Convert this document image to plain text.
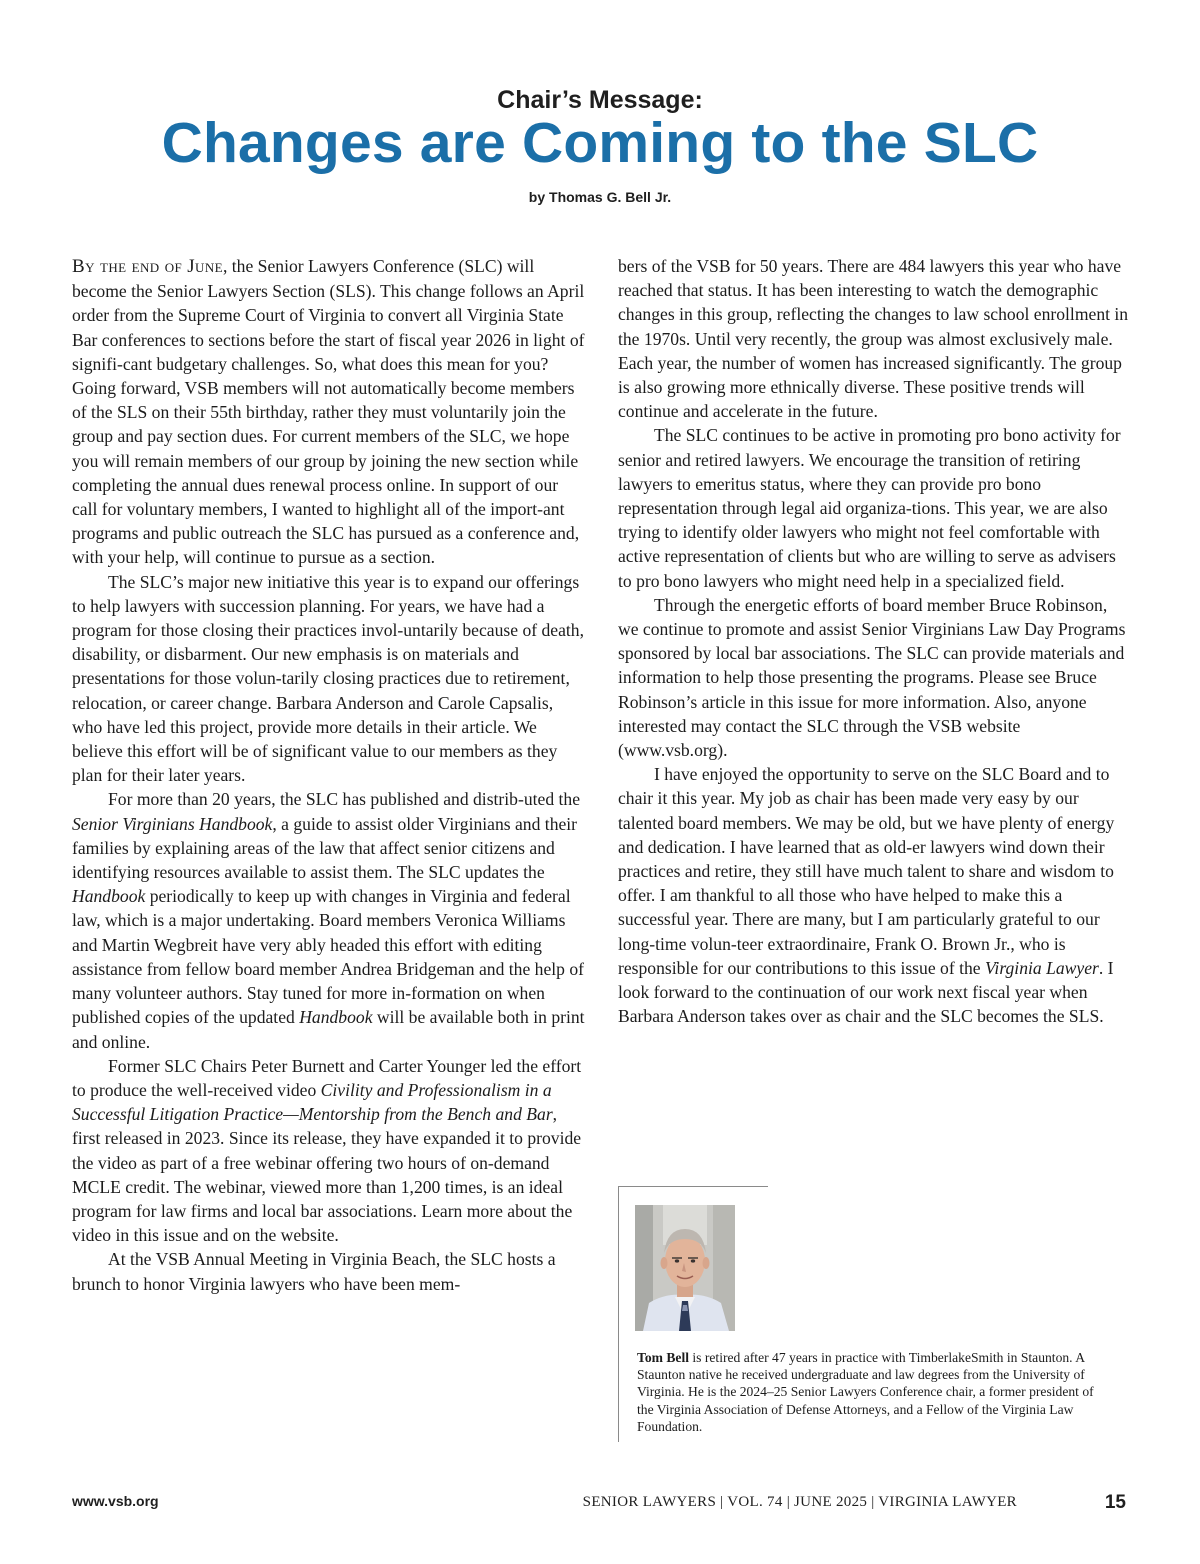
Chair’s Message:
Changes are Coming to the SLC
by Thomas G. Bell Jr.

By the end of June, the Senior Lawyers Conference (SLC) will become the Senior Lawyers Section (SLS). This change follows an April order from the Supreme Court of Virginia to convert all Virginia State Bar conferences to sections before the start of fiscal year 2026 in light of signifi-cant budgetary challenges. So, what does this mean for you? Going forward, VSB members will not automatically become members of the SLS on their 55th birthday, rather they must voluntarily join the group and pay section dues. For current members of the SLC, we hope you will remain members of our group by joining the new section while completing the annual dues renewal process online. In support of our call for voluntary members, I wanted to highlight all of the import-ant programs and public outreach the SLC has pursued as a conference and, with your help, will continue to pursue as a section.

The SLC’s major new initiative this year is to expand our offerings to help lawyers with succession planning. For years, we have had a program for those closing their practices invol-untarily because of death, disability, or disbarment. Our new emphasis is on materials and presentations for those volun-tarily closing practices due to retirement, relocation, or career change. Barbara Anderson and Carole Capsalis, who have led this project, provide more details in their article. We believe this effort will be of significant value to our members as they plan for their later years.

For more than 20 years, the SLC has published and distrib-uted the Senior Virginians Handbook, a guide to assist older Virginians and their families by explaining areas of the law that affect senior citizens and identifying resources available to assist them. The SLC updates the Handbook periodically to keep up with changes in Virginia and federal law, which is a major undertaking. Board members Veronica Williams and Martin Wegbreit have very ably headed this effort with editing assistance from fellow board member Andrea Bridgeman and the help of many volunteer authors. Stay tuned for more in-formation on when published copies of the updated Handbook will be available both in print and online.

Former SLC Chairs Peter Burnett and Carter Younger led the effort to produce the well-received video Civility and Professionalism in a Successful Litigation Practice—Mentorship from the Bench and Bar, first released in 2023. Since its release, they have expanded it to provide the video as part of a free webinar offering two hours of on-demand MCLE credit. The webinar, viewed more than 1,200 times, is an ideal program for law firms and local bar associations. Learn more about the video in this issue and on the website.

At the VSB Annual Meeting in Virginia Beach, the SLC hosts a brunch to honor Virginia lawyers who have been mem-

bers of the VSB for 50 years. There are 484 lawyers this year who have reached that status. It has been interesting to watch the demographic changes in this group, reflecting the changes to law school enrollment in the 1970s. Until very recently, the group was almost exclusively male. Each year, the number of women has increased significantly. The group is also growing more ethnically diverse. These positive trends will continue and accelerate in the future.

The SLC continues to be active in promoting pro bono activity for senior and retired lawyers. We encourage the transition of retiring lawyers to emeritus status, where they can provide pro bono representation through legal aid organiza-tions. This year, we are also trying to identify older lawyers who might not feel comfortable with active representation of clients but who are willing to serve as advisers to pro bono lawyers who might need help in a specialized field.

Through the energetic efforts of board member Bruce Robinson, we continue to promote and assist Senior Virginians Law Day Programs sponsored by local bar associations. The SLC can provide materials and information to help those presenting the programs. Please see Bruce Robinson’s article in this issue for more information. Also, anyone interested may contact the SLC through the VSB website (www.vsb.org).

I have enjoyed the opportunity to serve on the SLC Board and to chair it this year. My job as chair has been made very easy by our talented board members. We may be old, but we have plenty of energy and dedication. I have learned that as old-er lawyers wind down their practices and retire, they still have much talent to share and wisdom to offer. I am thankful to all those who have helped to make this a successful year. There are many, but I am particularly grateful to our long-time volun-teer extraordinaire, Frank O. Brown Jr., who is responsible for our contributions to this issue of the Virginia Lawyer. I look forward to the continuation of our work next fiscal year when Barbara Anderson takes over as chair and the SLC becomes the SLS.

Tom Bell is retired after 47 years in practice with TimberlakeSmith in Staunton. A Staunton native he received undergraduate and law degrees from the University of Virginia. He is the 2024–25 Senior Lawyers Conference chair, a former president of the Virginia Association of Defense Attorneys, and a Fellow of the Virginia Law Foundation.
www.vsb.org	SENIOR LAWYERS | VOL. 74 | JUNE 2025 | VIRGINIA LAWYER	15
